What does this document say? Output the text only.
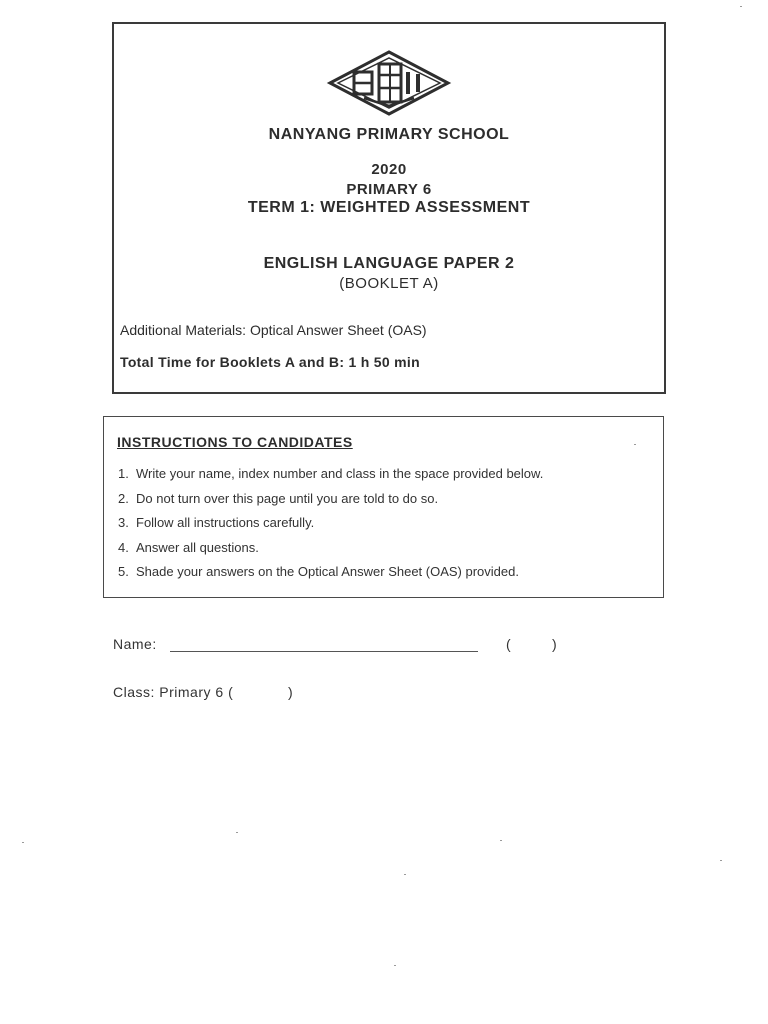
NANYANG PRIMARY SCHOOL
2020
PRIMARY 6
TERM 1: WEIGHTED ASSESSMENT
ENGLISH LANGUAGE PAPER 2
(BOOKLET A)
Additional Materials: Optical Answer Sheet (OAS)
Total Time for Booklets A and B: 1 h 50 min
INSTRUCTIONS TO CANDIDATES
1. Write your name, index number and class in the space provided below.
2. Do not turn over this page until you are told to do so.
3. Follow all instructions carefully.
4. Answer all questions.
5. Shade your answers on the Optical Answer Sheet (OAS) provided.
Name:	(	)
Class: Primary 6 (	)
